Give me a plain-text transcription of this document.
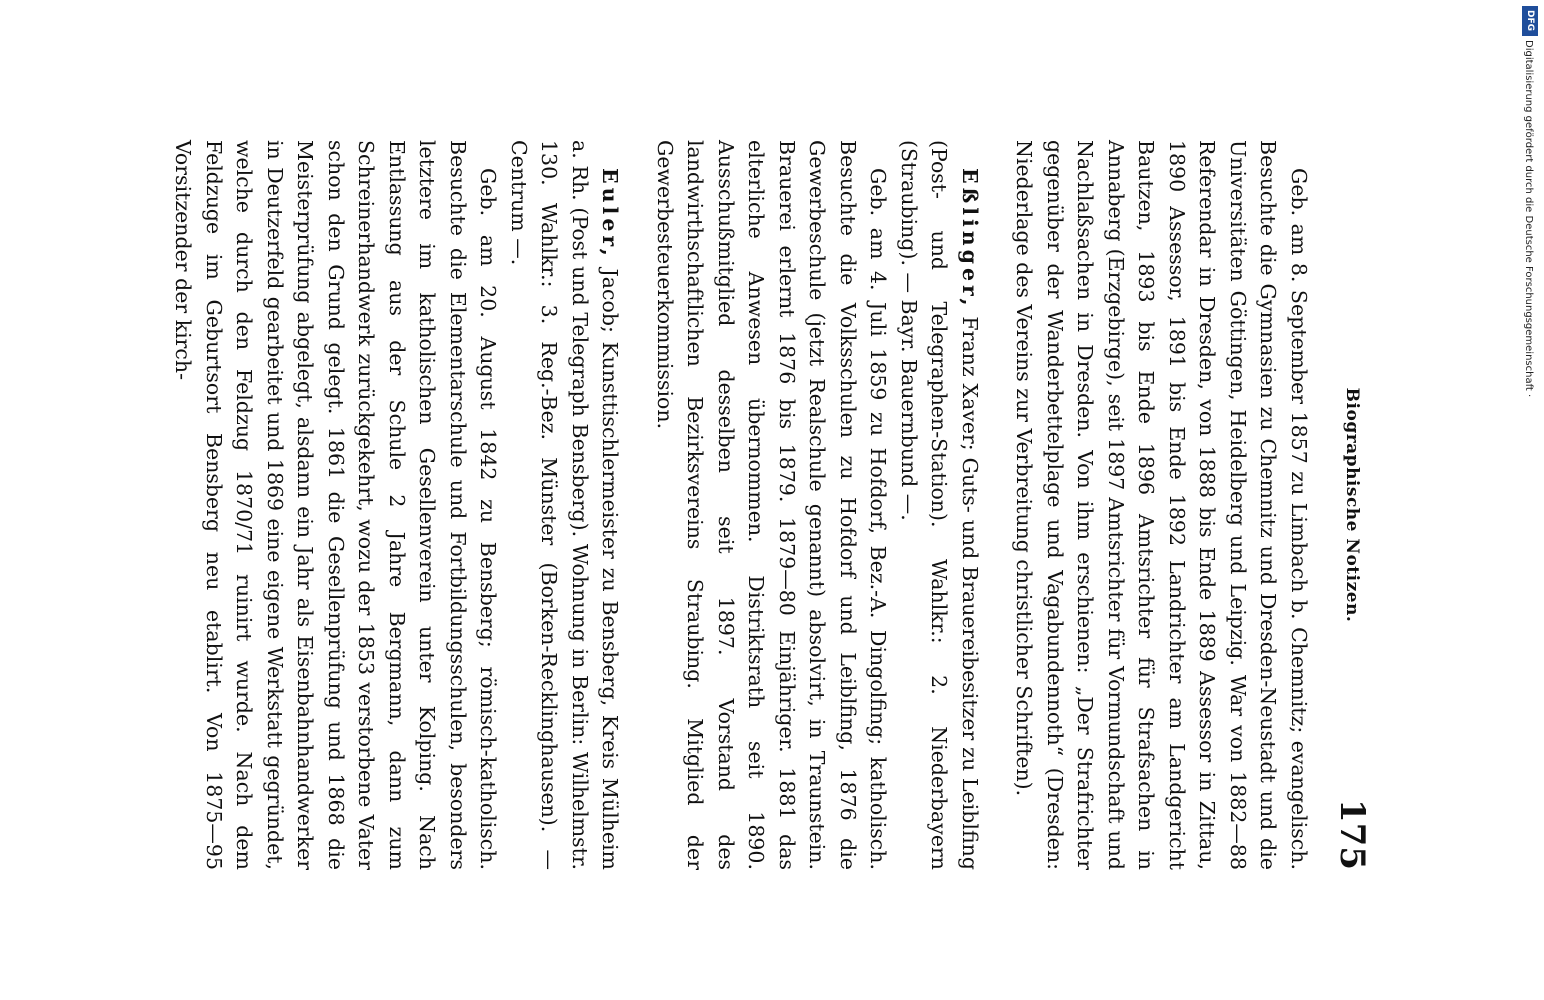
Biographische Notizen.
175

Geb. am 8. September 1857 zu Limbach b. Chemnitz; evangelisch. Besuchte die Gymnasien zu Chemnitz und Dresden-Neustadt und die Universitäten Göttingen, Heidelberg und Leipzig. War von 1882—88 Referendar in Dresden, von 1888 bis Ende 1889 Assessor in Zittau, 1890 Assessor, 1891 bis Ende 1892 Landrichter am Landgericht Bautzen, 1893 bis Ende 1896 Amtsrichter für Strafsachen in Annaberg (Erzgebirge), seit 1897 Amtsrichter für Vormundschaft und Nachlaßsachen in Dresden. Von ihm erschienen: „Der Strafrichter gegenüber der Wanderbettelplage und Vagabundennoth“ (Dresden: Niederlage des Vereins zur Verbreitung christlicher Schriften).

Eßlinger, Franz Xaver; Guts- und Brauereibesitzer zu Leiblfing (Post- und Telegraphen-Station). Wahlkr.: 2. Niederbayern (Straubing). — Bayr. Bauernbund —.

Geb. am 4. Juli 1859 zu Hofdorf, Bez.-A. Dingolfing; katholisch. Besuchte die Volksschulen zu Hofdorf und Leiblfing, 1876 die Gewerbeschule (jetzt Realschule genannt) absolvirt, in Traunstein. Brauerei erlernt 1876 bis 1879. 1879—80 Einjähriger. 1881 das elterliche Anwesen übernommen. Distriktsrath seit 1890. Ausschußmitglied desselben seit 1897. Vorstand des landwirthschaftlichen Bezirksvereins Straubing. Mitglied der Gewerbesteuerkommission.

Euler, Jacob; Kunsttischlermeister zu Bensberg, Kreis Mülheim a. Rh. (Post und Telegraph Bensberg). Wohnung in Berlin: Wilhelmstr. 130. Wahlkr.: 3. Reg.-Bez. Münster (Borken-Recklinghausen). — Centrum —.

Geb. am 20. August 1842 zu Bensberg; römisch-katholisch. Besuchte die Elementarschule und Fortbildungsschulen, besonders letztere im katholischen Gesellenverein unter Kolping. Nach Entlassung aus der Schule 2 Jahre Bergmann, dann zum Schreinerhandwerk zurückgekehrt, wozu der 1853 verstorbene Vater schon den Grund gelegt. 1861 die Gesellenprüfung und 1868 die Meisterprüfung abgelegt, alsdann ein Jahr als Eisenbahnhandwerker in Deutzerfeld gearbeitet und 1869 eine eigene Werkstatt gegründet, welche durch den Feldzug 1870/71 ruinirt wurde. Nach dem Feldzuge im Geburtsort Bensberg neu etablirt. Von 1875—95 Vorsitzender der kirch-

DFG
Digitalisierung gefördert durch die Deutsche Forschungsgemeinschaft ·
